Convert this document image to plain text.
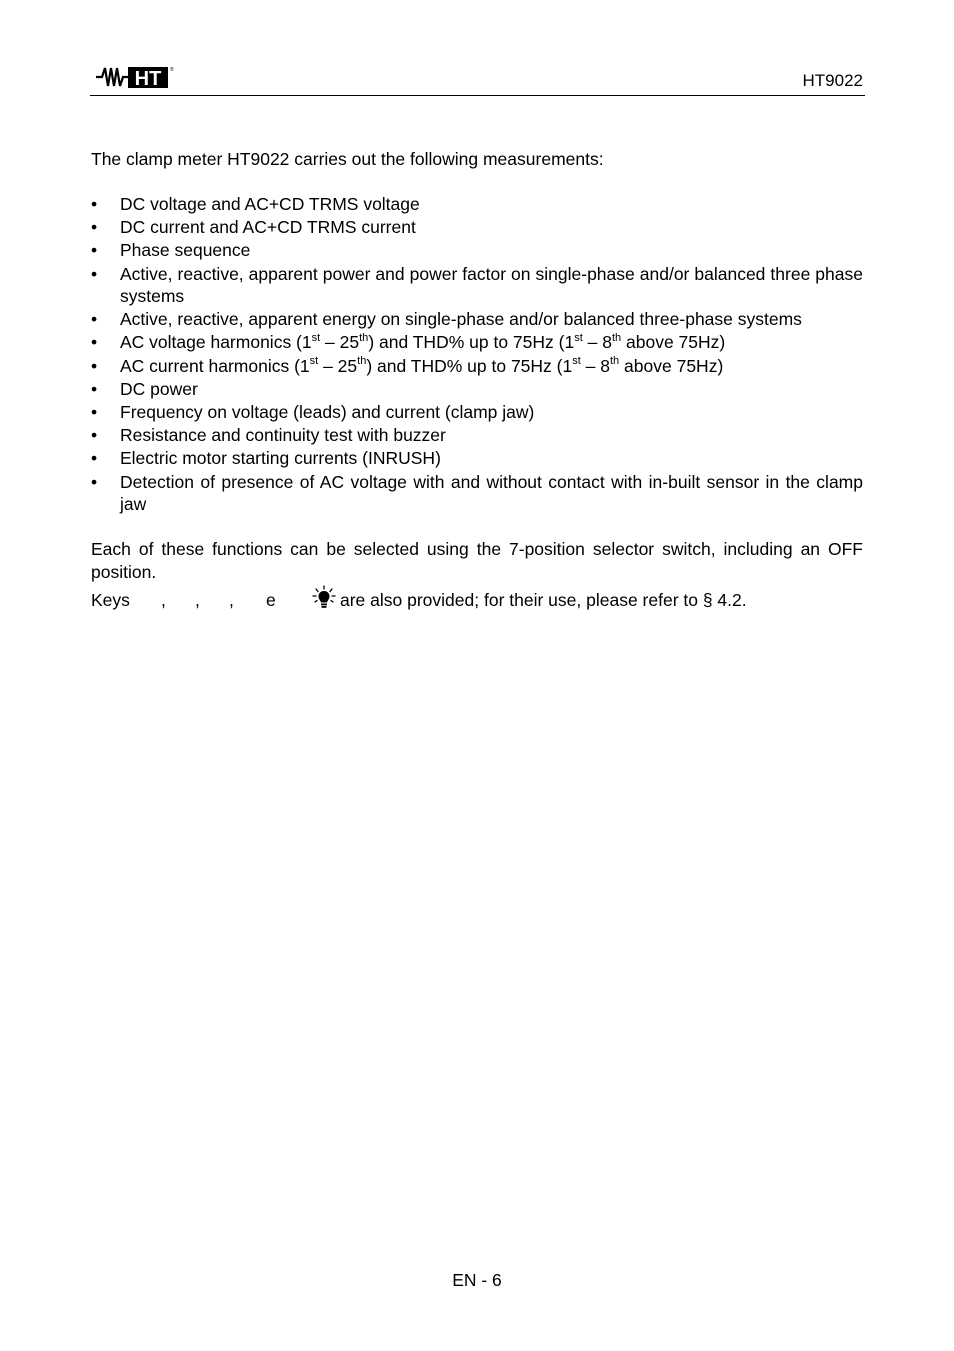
HT ®
HT9022

The clamp meter HT9022 carries out the following measurements:

• DC voltage and AC+CD TRMS voltage
• DC current and AC+CD TRMS current
• Phase sequence
• Active, reactive, apparent power and power factor on single-phase and/or balanced three phase systems
• Active, reactive, apparent energy on single-phase and/or balanced three-phase systems
• AC voltage harmonics (1st – 25th) and THD% up to 75Hz (1st – 8th above 75Hz)
• AC current harmonics (1st – 25th) and THD% up to 75Hz (1st – 8th above 75Hz)
• DC power
• Frequency on voltage (leads) and current (clamp jaw)
• Resistance and continuity test with buzzer
• Electric motor starting currents (INRUSH)
• Detection of presence of AC voltage with and without contact with in-built sensor in the clamp jaw

Each of these functions can be selected using the 7-position selector switch, including an OFF position.

Keys , , , e	are also provided; for their use, please refer to § 4.2.
EN - 6
